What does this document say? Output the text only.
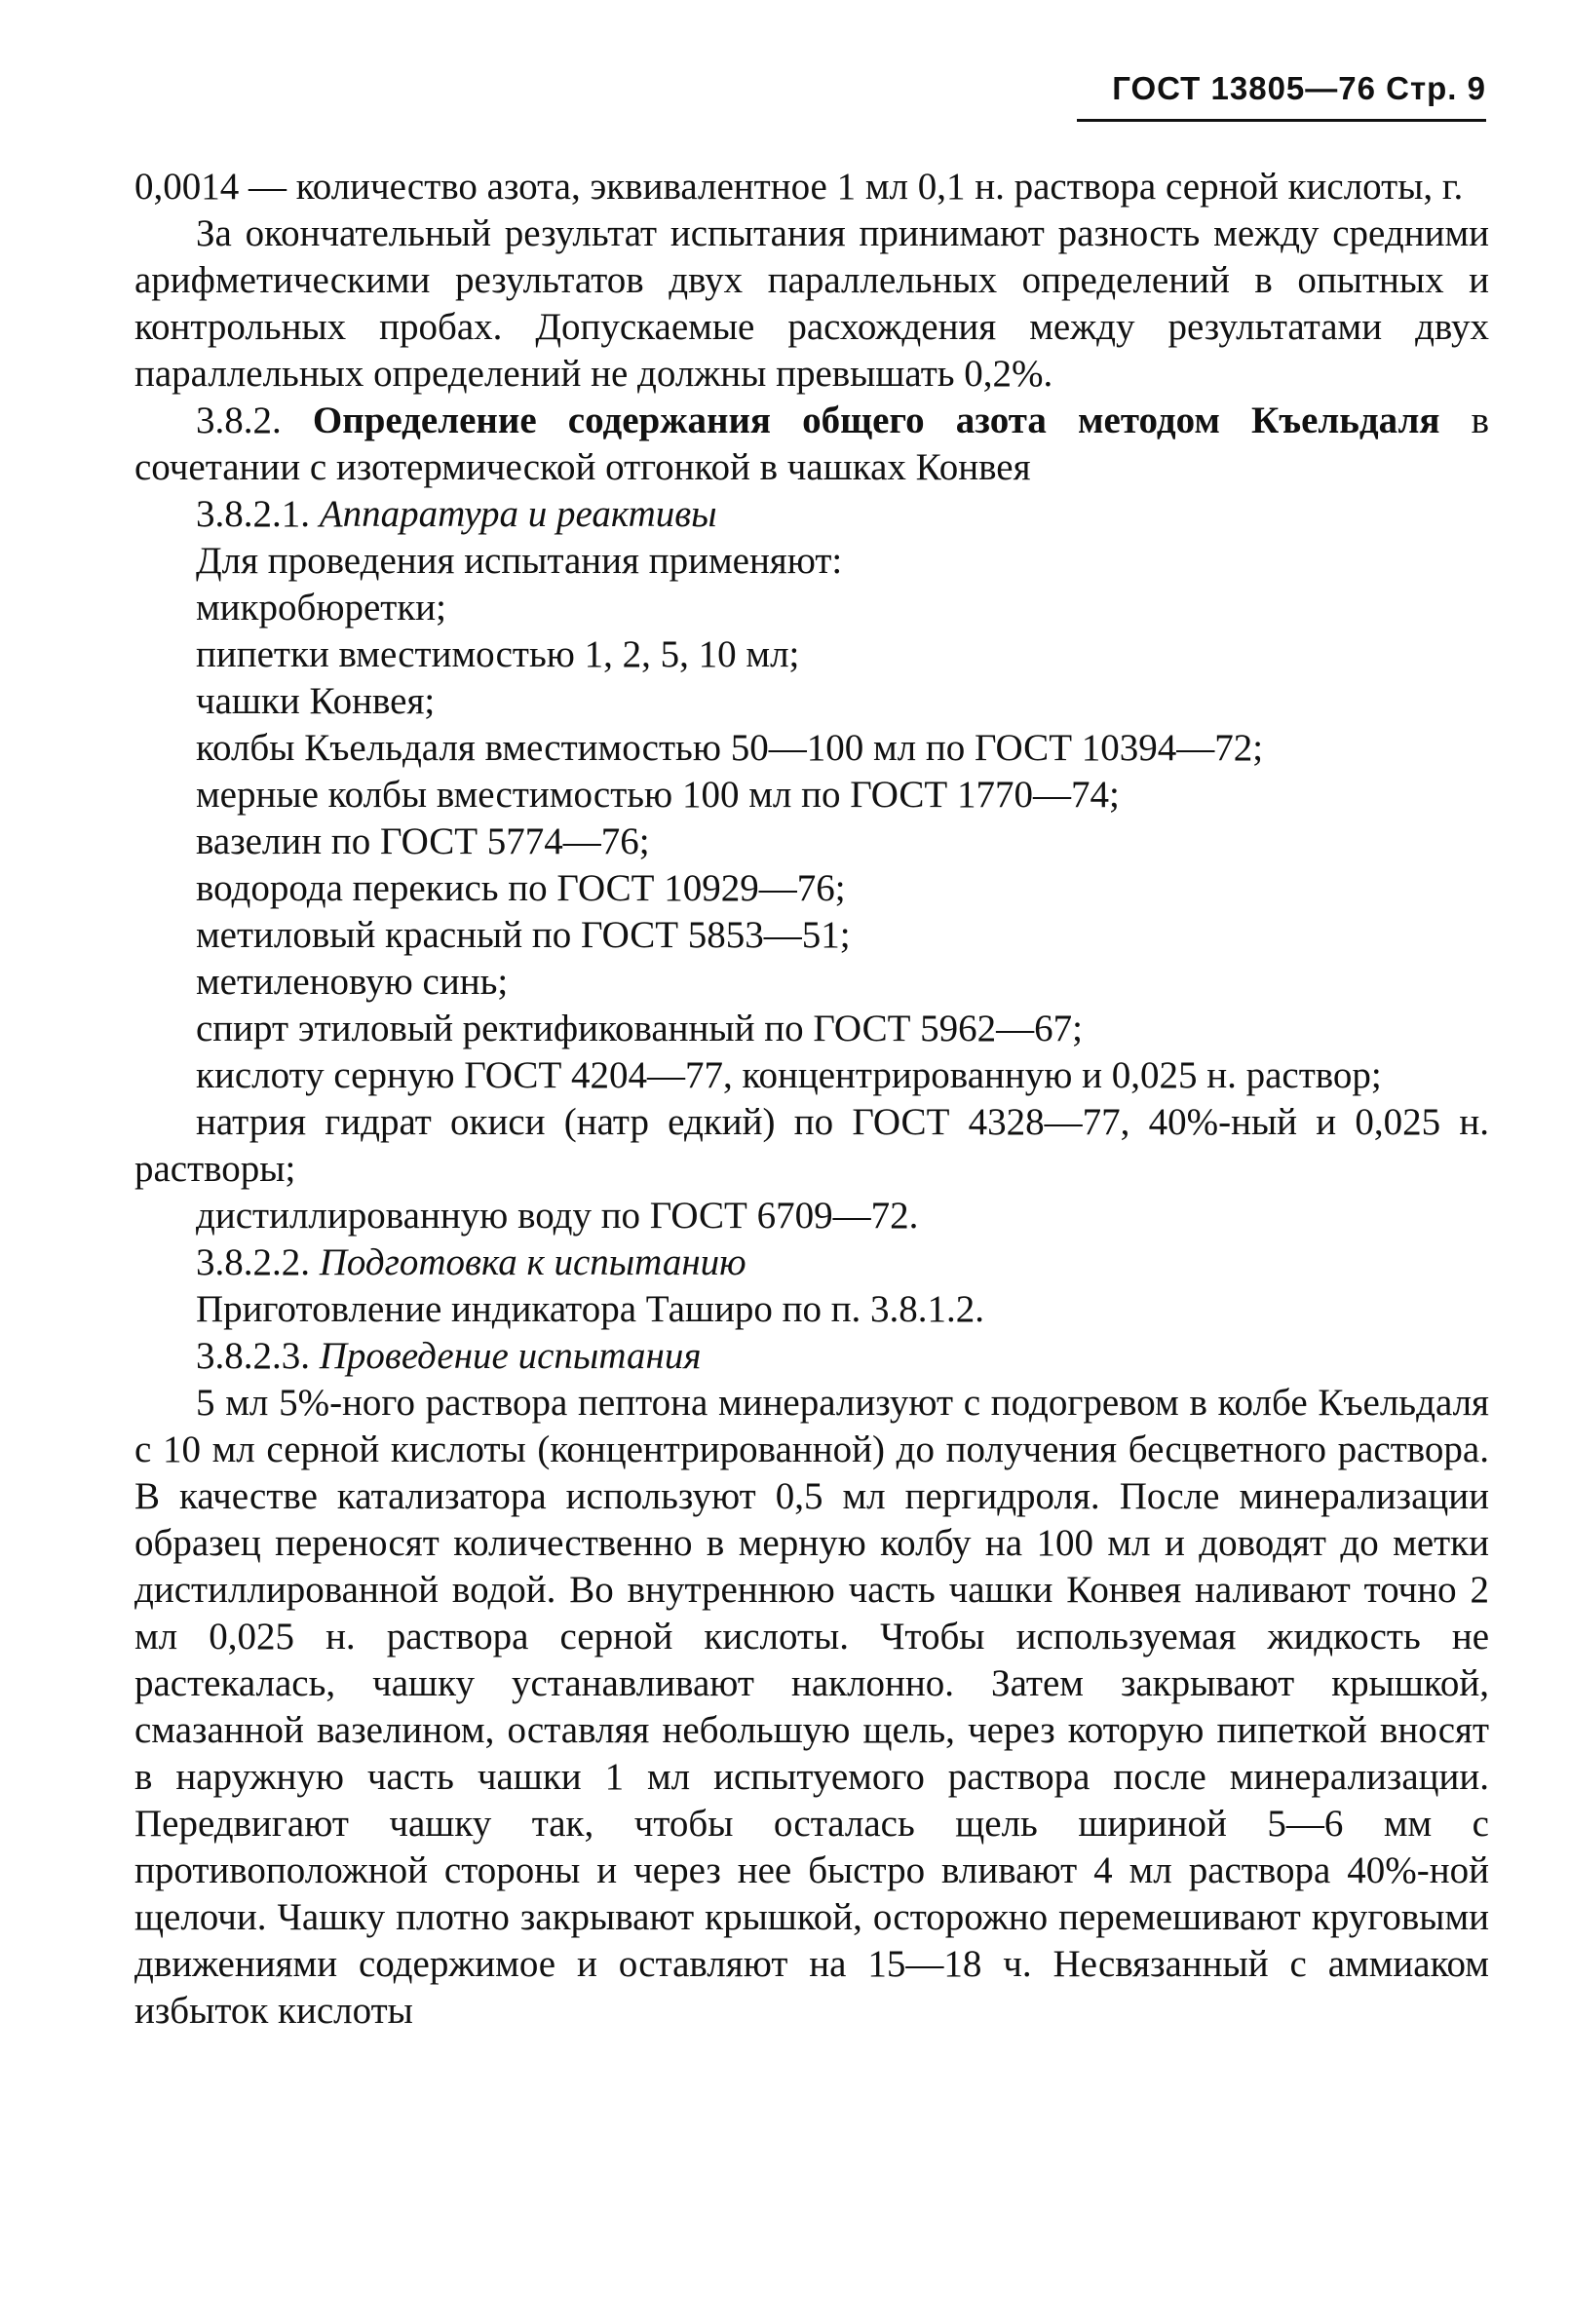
ГОСТ 13805—76 Стр. 9

0,0014 — количество азота, эквивалентное 1 мл 0,1 н. раствора серной кислоты, г.

За окончательный результат испытания принимают разность между средними арифметическими результатов двух параллельных определений в опытных и контрольных пробах. Допускаемые расхождения между результатами двух параллельных определений не должны превышать 0,2%.

3.8.2. Определение содержания общего азота методом Къельдаля в сочетании с изотермической отгонкой в чашках Конвея

3.8.2.1. Аппаратура и реактивы

Для проведения испытания применяют:

микробюретки;

пипетки вместимостью 1, 2, 5, 10 мл;

чашки Конвея;

колбы Къельдаля вместимостью 50—100 мл по ГОСТ 10394—72;

мерные колбы вместимостью 100 мл по ГОСТ 1770—74;

вазелин по ГОСТ 5774—76;

водорода перекись по ГОСТ 10929—76;

метиловый красный по ГОСТ 5853—51;

метиленовую синь;

спирт этиловый ректификованный по ГОСТ 5962—67;

кислоту серную ГОСТ 4204—77, концентрированную и 0,025 н. раствор;

натрия гидрат окиси (натр едкий) по ГОСТ 4328—77, 40%-ный и 0,025 н. растворы;

дистиллированную воду по ГОСТ 6709—72.

3.8.2.2. Подготовка к испытанию

Приготовление индикатора Таширо по п. 3.8.1.2.

3.8.2.3. Проведение испытания

5 мл 5%-ного раствора пептона минерализуют с подогревом в колбе Къельдаля с 10 мл серной кислоты (концентрированной) до получения бесцветного раствора. В качестве катализатора используют 0,5 мл пергидроля. После минерализации образец переносят количественно в мерную колбу на 100 мл и доводят до метки дистиллированной водой. Во внутреннюю часть чашки Конвея наливают точно 2 мл 0,025 н. раствора серной кислоты. Чтобы используемая жидкость не растекалась, чашку устанавливают наклонно. Затем закрывают крышкой, смазанной вазелином, оставляя небольшую щель, через которую пипеткой вносят в наружную часть чашки 1 мл испытуемого раствора после минерализации. Передвигают чашку так, чтобы осталась щель шириной 5—6 мм с противоположной стороны и через нее быстро вливают 4 мл раствора 40%-ной щелочи. Чашку плотно закрывают крышкой, осторожно перемешивают круговыми движениями содержимое и оставляют на 15—18 ч. Несвязанный с аммиаком избыток кислоты
